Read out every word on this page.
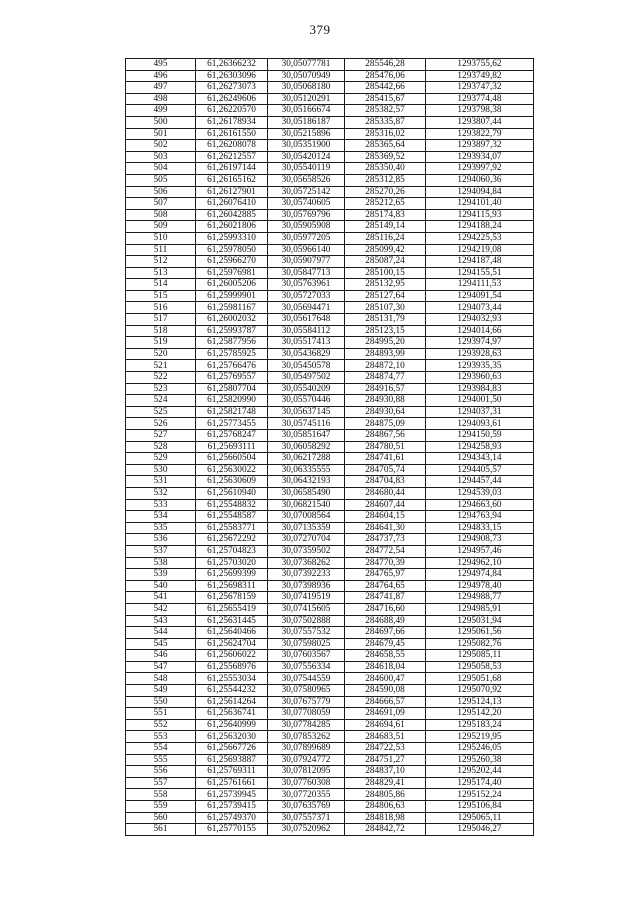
379
495	61,26366232	30,05077781	285546,28	1293755,62
496	61,26303096	30,05070949	285476,06	1293749,82
497	61,26273073	30,05068180	285442,66	1293747,32
498	61,26249606	30,05120291	285415,67	1293774,48
499	61,26220570	30,05166674	285382,57	1293798,38
500	61,26178934	30,05186187	285335,87	1293807,44
501	61,26161550	30,05215896	285316,02	1293822,79
502	61,26208078	30,05351900	285365,64	1293897,32
503	61,26212557	30,05420124	285369,52	1293934,07
504	61,26197144	30,05540119	285350,40	1293997,92
505	61,26165162	30,05658526	285312,85	1294060,36
506	61,26127901	30,05725142	285270,26	1294094,84
507	61,26076410	30,05740605	285212,65	1294101,40
508	61,26042885	30,05769796	285174,83	1294115,93
509	61,26021806	30,05905908	285149,14	1294188,24
510	61,25993310	30,05977205	285116,24	1294225,53
511	61,25978050	30,05966140	285099,42	1294219,08
512	61,25966270	30,05907977	285087,24	1294187,48
513	61,25976981	30,05847713	285100,15	1294155,51
514	61,26005206	30,05763961	285132,95	1294111,53
515	61,25999901	30,05727033	285127,64	1294091,54
516	61,25981167	30,05694471	285107,30	1294073,44
517	61,26002032	30,05617648	285131,79	1294032,93
518	61,25993787	30,05584112	285123,15	1294014,66
519	61,25877956	30,05517413	284995,20	1293974,97
520	61,25785925	30,05436829	284893,99	1293928,63
521	61,25766476	30,05450578	284872,10	1293935,35
522	61,25769557	30,05497502	284874,77	1293960,63
523	61,25807704	30,05540209	284916,57	1293984,83
524	61,25820990	30,05570446	284930,88	1294001,50
525	61,25821748	30,05637145	284930,64	1294037,31
526	61,25773455	30,05745116	284875,09	1294093,61
527	61,25768247	30,05851647	284867,56	1294150,59
528	61,25693111	30,06058292	284780,51	1294258,93
529	61,25660504	30,06217288	284741,61	1294343,14
530	61,25630022	30,06335555	284705,74	1294405,57
531	61,25630609	30,06432193	284704,83	1294457,44
532	61,25610940	30,06585490	284680,44	1294539,03
533	61,25548832	30,06821540	284607,44	1294663,60
534	61,25548587	30,07008564	284604,15	1294763,94
535	61,25583771	30,07135359	284641,30	1294833,15
536	61,25672292	30,07270704	284737,73	1294908,73
537	61,25704823	30,07359502	284772,54	1294957,46
538	61,25703020	30,07368262	284770,39	1294962,10
539	61,25699399	30,07392233	284765,97	1294974,84
540	61,25698311	30,07398936	284764,65	1294978,40
541	61,25678159	30,07419519	284741,87	1294988,77
542	61,25655419	30,07415605	284716,60	1294985,91
543	61,25631445	30,07502888	284688,49	1295031,94
544	61,25640466	30,07557532	284697,66	1295061,56
545	61,25624704	30,07598025	284679,45	1295082,76
546	61,25606022	30,07603567	284658,55	1295085,11
547	61,25568976	30,07556334	284618,04	1295058,53
548	61,25553034	30,07544559	284600,47	1295051,68
549	61,25544232	30,07580965	284590,08	1295070,92
550	61,25614264	30,07675779	284666,57	1295124,13
551	61,25636741	30,07708059	284691,09	1295142,20
552	61,25640999	30,07784285	284694,61	1295183,24
553	61,25632030	30,07853262	284683,51	1295219,95
554	61,25667726	30,07899689	284722,53	1295246,05
555	61,25693887	30,07924772	284751,27	1295260,38
556	61,25769311	30,07812095	284837,10	1295202,44
557	61,25761661	30,07760308	284829,41	1295174,40
558	61,25739945	30,07720355	284805,86	1295152,24
559	61,25739415	30,07635769	284806,63	1295106,84
560	61,25749370	30,07557371	284818,98	1295065,11
561	61,25770155	30,07520962	284842,72	1295046,27
